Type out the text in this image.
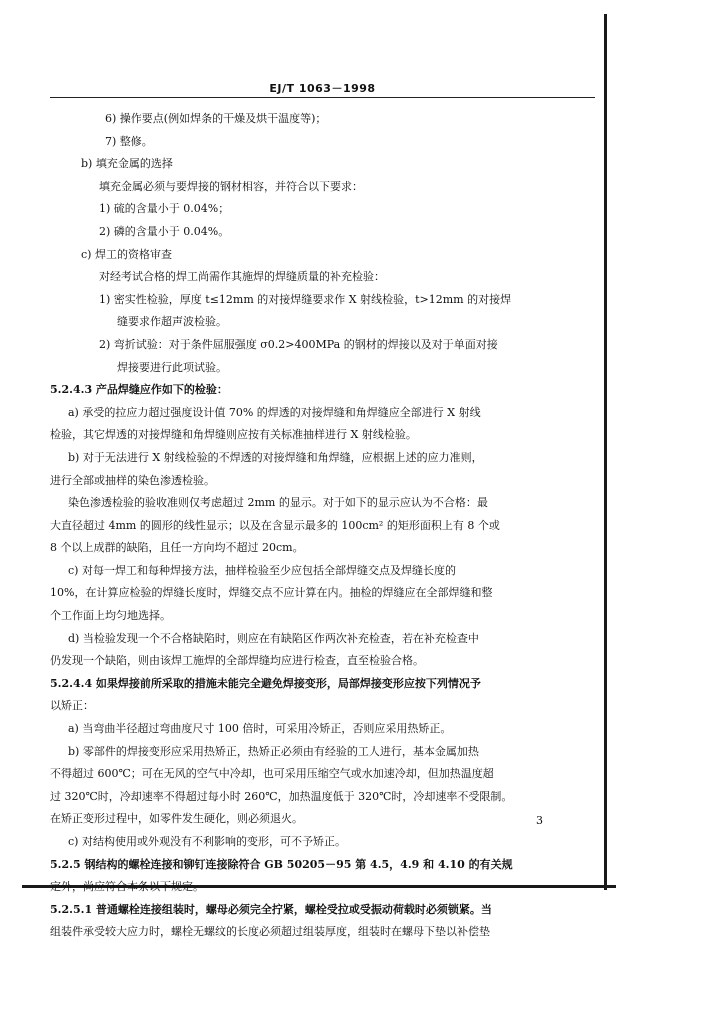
EJ/T 1063－1998
6) 操作要点(例如焊条的干燥及烘干温度等)；
7) 整修。
b) 填充金属的选择
填充金属必须与要焊接的钢材相容，并符合以下要求：
1) 硫的含量小于 0.04%；
2) 磷的含量小于 0.04%。
c) 焊工的资格审查
对经考试合格的焊工尚需作其施焊的焊缝质量的补充检验：
1) 密实性检验，厚度 t≤12mm 的对接焊缝要求作 X 射线检验，t>12mm 的对接焊
缝要求作超声波检验。
2) 弯折试验：对于条件屈服强度 σ0.2>400MPa 的钢材的焊接以及对于单面对接
焊接要进行此项试验。
5.2.4.3 产品焊缝应作如下的检验：
a) 承受的拉应力超过强度设计值 70% 的焊透的对接焊缝和角焊缝应全部进行 X 射线
检验，其它焊透的对接焊缝和角焊缝则应按有关标准抽样进行 X 射线检验。
b) 对于无法进行 X 射线检验的不焊透的对接焊缝和角焊缝，应根据上述的应力准则，
进行全部或抽样的染色渗透检验。
染色渗透检验的验收准则仅考虑超过 2mm 的显示。对于如下的显示应认为不合格：最
大直径超过 4mm 的圆形的线性显示；以及在含显示最多的 100cm² 的矩形面积上有 8 个或
8 个以上成群的缺陷，且任一方向均不超过 20cm。
c) 对每一焊工和每种焊接方法，抽样检验至少应包括全部焊缝交点及焊缝长度的
10%，在计算应检验的焊缝长度时，焊缝交点不应计算在内。抽检的焊缝应在全部焊缝和整
个工作面上均匀地选择。
d) 当检验发现一个不合格缺陷时，则应在有缺陷区作两次补充检查，若在补充检查中
仍发现一个缺陷，则由该焊工施焊的全部焊缝均应进行检查，直至检验合格。
5.2.4.4 如果焊接前所采取的措施未能完全避免焊接变形，局部焊接变形应按下列情况予
以矫正：
a) 当弯曲半径超过弯曲度尺寸 100 倍时，可采用冷矫正，否则应采用热矫正。
b) 零部件的焊接变形应采用热矫正，热矫正必须由有经验的工人进行，基本金属加热
不得超过 600℃；可在无风的空气中冷却，也可采用压缩空气或水加速冷却，但加热温度超
过 320℃时，冷却速率不得超过每小时 260℃，加热温度低于 320℃时，冷却速率不受限制。
在矫正变形过程中，如零件发生硬化，则必须退火。
c) 对结构使用或外观没有不利影响的变形，可不予矫正。
5.2.5 钢结构的螺栓连接和铆钉连接除符合 GB 50205－95 第 4.5，4.9 和 4.10 的有关规
定外，尚应符合本条以下规定。
5.2.5.1 普通螺栓连接组装时，螺母必须完全拧紧，螺栓受拉或受振动荷载时必须锁紧。当
组装件承受较大应力时，螺栓无螺纹的长度必须超过组装厚度，组装时在螺母下垫以补偿垫
3
